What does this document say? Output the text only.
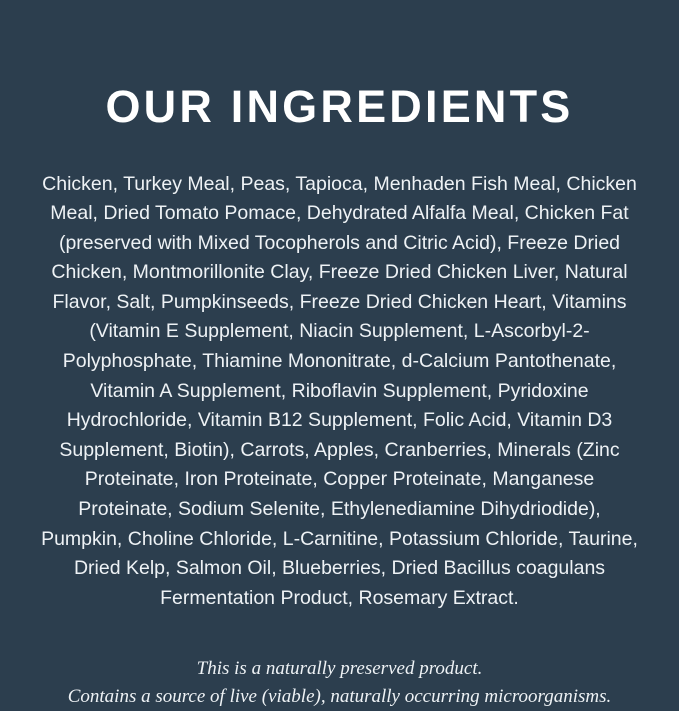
OUR INGREDIENTS

Chicken, Turkey Meal, Peas, Tapioca, Menhaden Fish Meal, Chicken Meal, Dried Tomato Pomace, Dehydrated Alfalfa Meal, Chicken Fat (preserved with Mixed Tocopherols and Citric Acid), Freeze Dried Chicken, Montmorillonite Clay, Freeze Dried Chicken Liver, Natural Flavor, Salt, Pumpkinseeds, Freeze Dried Chicken Heart, Vitamins (Vitamin E Supplement, Niacin Supplement, L-Ascorbyl-2-Polyphosphate, Thiamine Mononitrate, d-Calcium Pantothenate, Vitamin A Supplement, Riboflavin Supplement, Pyridoxine Hydrochloride, Vitamin B12 Supplement, Folic Acid, Vitamin D3 Supplement, Biotin), Carrots, Apples, Cranberries, Minerals (Zinc Proteinate, Iron Proteinate, Copper Proteinate, Manganese Proteinate, Sodium Selenite, Ethylenediamine Dihydriodide), Pumpkin, Choline Chloride, L-Carnitine, Potassium Chloride, Taurine, Dried Kelp, Salmon Oil, Blueberries, Dried Bacillus coagulans Fermentation Product, Rosemary Extract.

This is a naturally preserved product.
Contains a source of live (viable), naturally occurring microorganisms.
